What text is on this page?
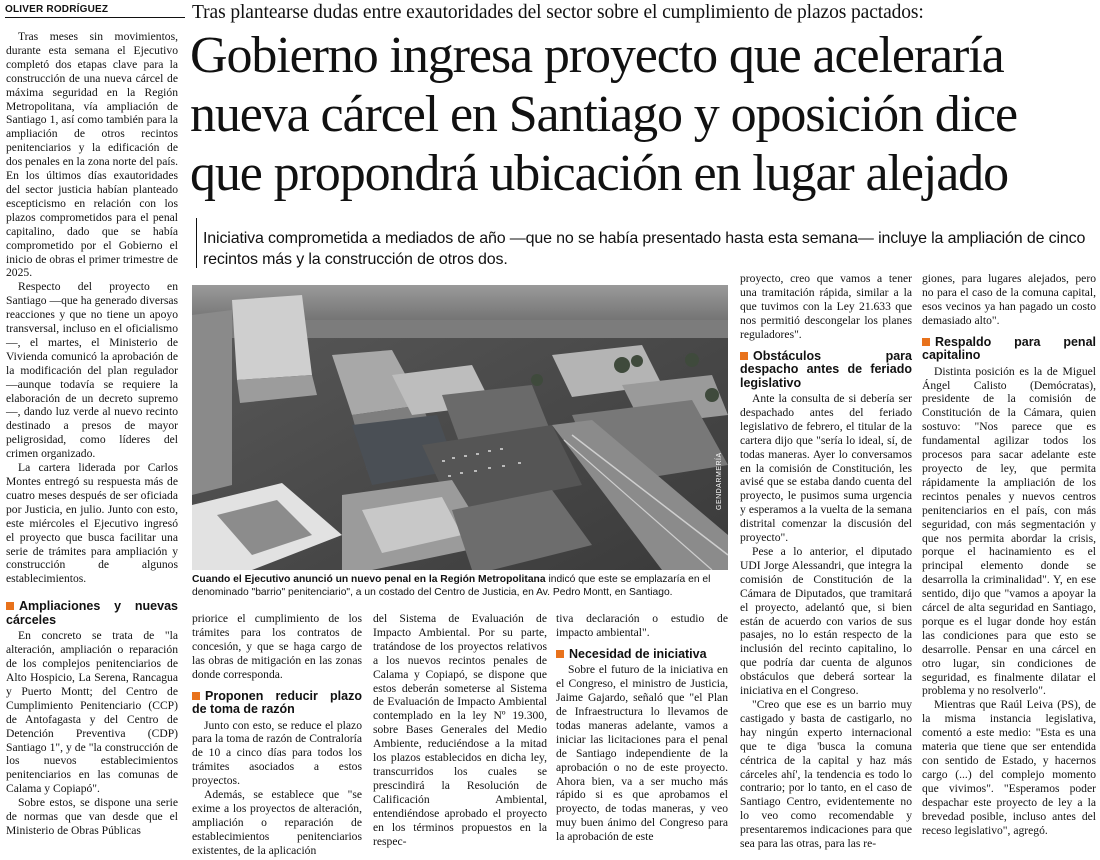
OLIVER RODRÍGUEZ	Tras plantearse dudas entre exautoridades del sector sobre el cumplimiento de plazos pactados:
Gobierno ingresa proyecto que aceleraría
nueva cárcel en Santiago y oposición dice
que propondrá ubicación en lugar alejado
Iniciativa comprometida a mediados de año —que no se había presentado hasta esta semana— incluye la ampliación de cinco recintos más y la construcción de otros dos.

Tras meses sin movimientos, durante esta semana el Ejecutivo completó dos etapas clave para la construcción de una nueva cárcel de máxima seguridad en la Región Metropolitana, vía ampliación de Santiago 1, así como también para la ampliación de otros recintos penitenciarios y la edificación de dos penales en la zona norte del país. En los últimos días exautoridades del sector justicia habían planteado escepticismo en relación con los plazos comprometidos para el penal capitalino, dado que se había comprometido por el Gobierno el inicio de obras el primer trimestre de 2025.

Respecto del proyecto en Santiago —que ha generado diversas reacciones y que no tiene un apoyo transversal, incluso en el oficialismo—, el martes, el Ministerio de Vivienda comunicó la aprobación de la modificación del plan regulador —aunque todavía se requiere la elaboración de un decreto supremo—, dando luz verde al nuevo recinto destinado a presos de mayor peligrosidad, como líderes del crimen organizado.

La cartera liderada por Carlos Montes entregó su respuesta más de cuatro meses después de ser oficiada por Justicia, en julio. Junto con esto, este miércoles el Ejecutivo ingresó el proyecto que busca facilitar una serie de trámites para ampliación y construcción de algunos establecimientos.

Ampliaciones y nuevas cárceles

En concreto se trata de "la alteración, ampliación o reparación de los complejos penitenciarios de Alto Hospicio, La Serena, Rancagua y Puerto Montt; del Centro de Cumplimiento Penitenciario (CCP) de Antofagasta y del Centro de Detención Preventiva (CDP) Santiago 1", y de "la construcción de los nuevos establecimientos penitenciarios en las comunas de Calama y Copiapó".

Sobre estos, se dispone una serie de normas que van desde que el Ministerio de Obras Públicas

GENDARMERÍA
Cuando el Ejecutivo anunció un nuevo penal en la Región Metropolitana indicó que este se emplazaría en el denominado "barrio" penitenciario", a un costado del Centro de Justicia, en Av. Pedro Montt, en Santiago.

priorice el cumplimiento de los trámites para los contratos de concesión, y que se haga cargo de las obras de mitigación en las zonas donde corresponda.

Proponen reducir plazo de toma de razón

Junto con esto, se reduce el plazo para la toma de razón de Contraloría de 10 a cinco días para todos los trámites asociados a estos proyectos.

Además, se establece que "se exime a los proyectos de alteración, ampliación o reparación de establecimientos penitenciarios existentes, de la aplicación

del Sistema de Evaluación de Impacto Ambiental. Por su parte, tratándose de los proyectos relativos a los nuevos recintos penales de Calama y Copiapó, se dispone que estos deberán someterse al Sistema de Evaluación de Impacto Ambiental contemplado en la ley Nº 19.300, sobre Bases Generales del Medio Ambiente, reduciéndose a la mitad los plazos establecidos en dicha ley, transcurridos los cuales se prescindirá la Resolución de Calificación Ambiental, entendiéndose aprobado el proyecto en los términos propuestos en la respec-

tiva declaración o estudio de impacto ambiental".

Necesidad de iniciativa

Sobre el futuro de la iniciativa en el Congreso, el ministro de Justicia, Jaime Gajardo, señaló que "el Plan de Infraestructura lo llevamos de todas maneras adelante, vamos a iniciar las licitaciones para el penal de Santiago independiente de la aprobación o no de este proyecto. Ahora bien, va a ser mucho más rápido si es que aprobamos el proyecto, de todas maneras, y veo muy buen ánimo del Congreso para la aprobación de este

proyecto, creo que vamos a tener una tramitación rápida, similar a la que tuvimos con la Ley 21.633 que nos permitió descongelar los planes reguladores".

Obstáculos para despacho antes de feriado legislativo

Ante la consulta de si debería ser despachado antes del feriado legislativo de febrero, el titular de la cartera dijo que "sería lo ideal, sí, de todas maneras. Ayer lo conversamos en la comisión de Constitución, les avisé que se estaba dando cuenta del proyecto, le pusimos suma urgencia y esperamos a la vuelta de la semana distrital comenzar la discusión del proyecto".

Pese a lo anterior, el diputado UDI Jorge Alessandri, que integra la comisión de Constitución de la Cámara de Diputados, que tramitará el proyecto, adelantó que, si bien están de acuerdo con varios de sus pasajes, no lo están respecto de la inclusión del recinto capitalino, lo que podría dar cuenta de algunos obstáculos que deberá sortear la iniciativa en el Congreso.

"Creo que ese es un barrio muy castigado y basta de castigarlo, no hay ningún experto internacional que te diga 'busca la comuna céntrica de la capital y haz más cárceles ahí', la tendencia es todo lo contrario; por lo tanto, en el caso de Santiago Centro, evidentemente no lo veo como recomendable y presentaremos indicaciones para que sea para las otras, para las re-

giones, para lugares alejados, pero no para el caso de la comuna capital, esos vecinos ya han pagado un costo demasiado alto".

Respaldo para penal capitalino

Distinta posición es la de Miguel Ángel Calisto (Demócratas), presidente de la comisión de Constitución de la Cámara, quien sostuvo: "Nos parece que es fundamental agilizar todos los procesos para sacar adelante este proyecto de ley, que permita rápidamente la ampliación de los recintos penales y nuevos centros penitenciarios en el país, con más seguridad, con más segmentación y que nos permita abordar la crisis, porque el hacinamiento es el principal elemento donde se desarrolla la criminalidad". Y, en ese sentido, dijo que "vamos a apoyar la cárcel de alta seguridad en Santiago, porque es el lugar donde hoy están las condiciones para que esto se desarrolle. Pensar en una cárcel en otro lugar, sin condiciones de seguridad, es finalmente dilatar el problema y no resolverlo".

Mientras que Raúl Leiva (PS), de la misma instancia legislativa, comentó a este medio: "Esta es una materia que tiene que ser entendida con sentido de Estado, y hacernos cargo (...) del complejo momento que vivimos". "Esperamos poder despachar este proyecto de ley a la brevedad posible, incluso antes del receso legislativo", agregó.
